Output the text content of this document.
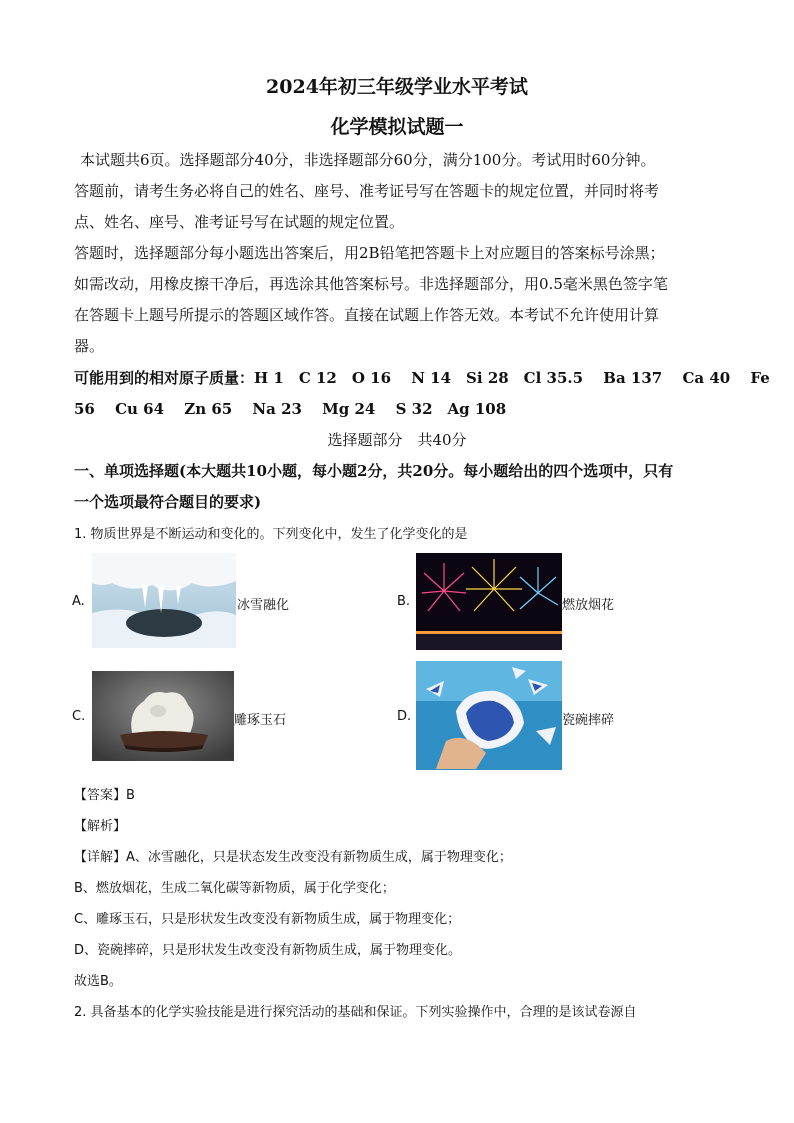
2024年初三年级学业水平考试
化学模拟试题一
本试题共6页。选择题部分40分，非选择题部分60分，满分100分。考试用时60分钟。
答题前，请考生务必将自己的姓名、座号、准考证号写在答题卡的规定位置，并同时将考
点、姓名、座号、准考证号写在试题的规定位置。
答题时，选择题部分每小题选出答案后，用2B铅笔把答题卡上对应题目的答案标号涂黑；
如需改动，用橡皮擦干净后，再选涂其他答案标号。非选择题部分，用0.5毫米黑色签字笔
在答题卡上题号所提示的答题区域作答。直接在试题上作答无效。本考试不允许使用计算
器。
可能用到的相对原子质量：H 1　C 12　O 16　 N 14　Si 28　Cl 35.5　 Ba 137　 Ca 40　 Fe
56　 Cu 64　 Zn 65　 Na 23　 Mg 24　 S 32　Ag 108
选择题部分　共40分
一、单项选择题(本大题共10小题，每小题2分，共20分。每小题给出的四个选项中，只有
一个选项最符合题目的要求)
1. 物质世界是不断运动和变化的。下列变化中，发生了化学变化的是
A.	冰雪融化	B.	燃放烟花
C.	雕琢玉石	D.	瓷碗摔碎
【答案】B
【解析】
【详解】A、冰雪融化，只是状态发生改变没有新物质生成，属于物理变化；
B、燃放烟花，生成二氧化碳等新物质，属于化学变化；
C、雕琢玉石，只是形状发生改变没有新物质生成，属于物理变化；
D、瓷碗摔碎，只是形状发生改变没有新物质生成，属于物理变化。
故选B。
2. 具备基本的化学实验技能是进行探究活动的基础和保证。下列实验操作中，合理的是该试卷源自
